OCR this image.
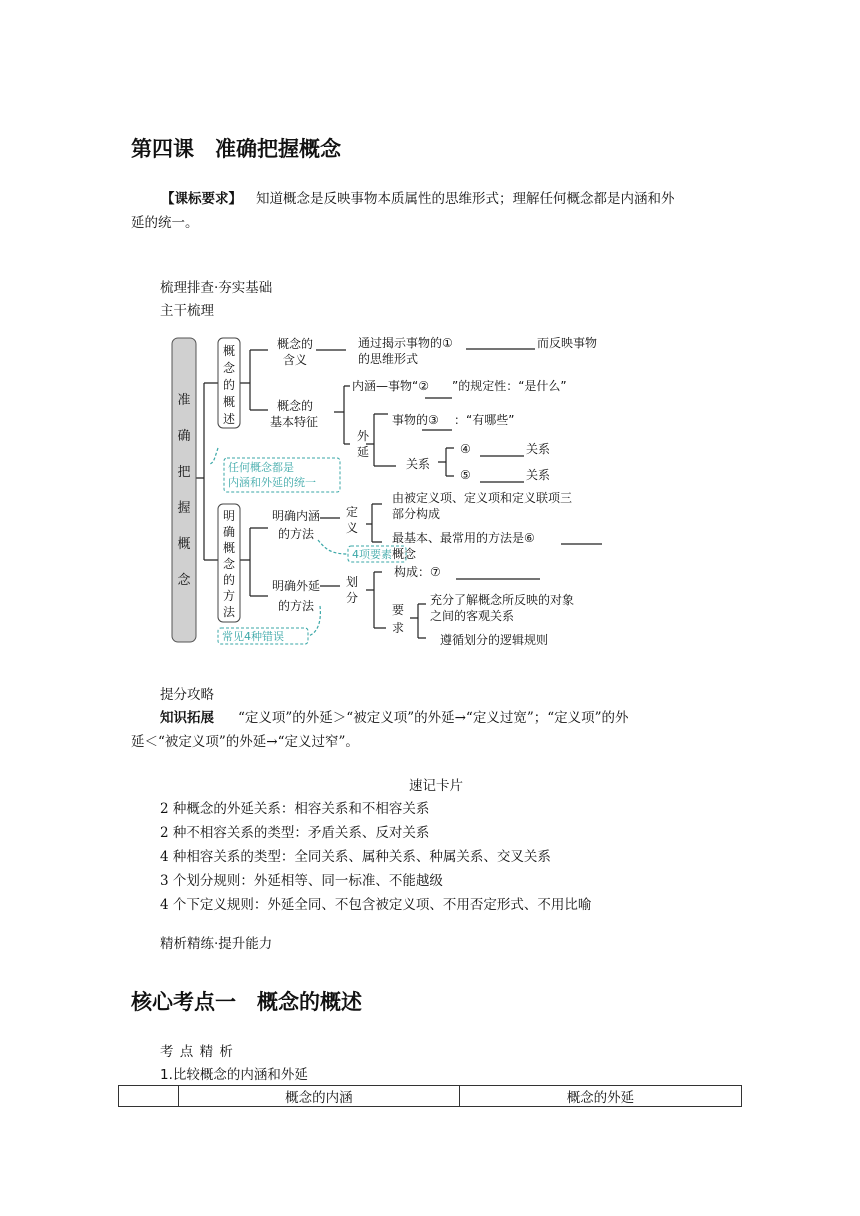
第四课　准确把握概念
【课标要求】 知道概念是反映事物本质属性的思维形式；理解任何概念都是内涵和外
延的统一。
梳理排查·夯实基础
主干梳理
准
确
把
握
概
念
概
念
的
概
述
明
确
概
念
的
方
法
概念的
含义
通过揭示事物的①	而反映事物
的思维形式
概念的
基本特征
内涵—事物“② ”的规定性：“是什么”
外
延
事物的③ ：“有哪些”
关系
④	关系
⑤	关系
明确内涵
的方法
定
义
由被定义项、定义项和定义联项三
部分构成
最基本、最常用的方法是⑥
概念
明确外延
的方法
划
分
构成：⑦
要
求
充分了解概念所反映的对象
之间的客观关系
遵循划分的逻辑规则
任何概念都是
内涵和外延的统一
4项要素
常见4种错误
提分攻略
知识拓展 “定义项”的外延＞“被定义项”的外延→“定义过宽”；“定义项”的外
延＜“被定义项”的外延→“定义过窄”。
速记卡片
2 种概念的外延关系：相容关系和不相容关系
2 种不相容关系的类型：矛盾关系、反对关系
4 种相容关系的类型：全同关系、属种关系、种属关系、交叉关系
3 个划分规则：外延相等、同一标准、不能越级
4 个下定义规则：外延全同、不包含被定义项、不用否定形式、不用比喻
精析精练·提升能力
核心考点一　概念的概述
考 点 精 析
1.比较概念的内涵和外延
	概念的内涵	概念的外延
